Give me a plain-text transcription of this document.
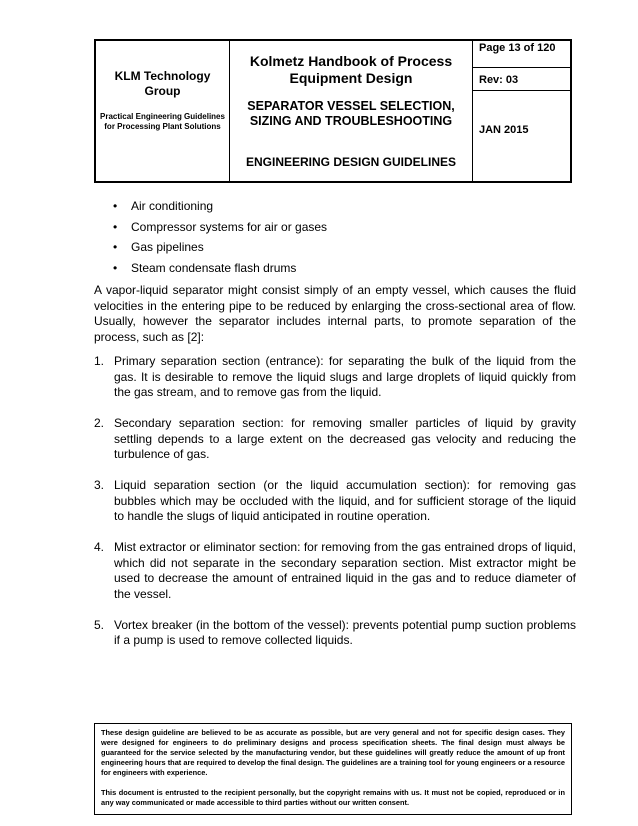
KLM Technology Group
Practical Engineering Guidelines for Processing Plant Solutions
Kolmetz Handbook of Process Equipment Design
SEPARATOR VESSEL SELECTION, SIZING AND TROUBLESHOOTING
ENGINEERING DESIGN GUIDELINES
Page 13 of 120
Rev: 03
JAN 2015
• Air conditioning
• Compressor systems for air or gases
• Gas pipelines
• Steam condensate flash drums

A vapor-liquid separator might consist simply of an empty vessel, which causes the fluid velocities in the entering pipe to be reduced by enlarging the cross-sectional area of flow. Usually, however the separator includes internal parts, to promote separation of the process, such as [2]:

1. Primary separation section (entrance): for separating the bulk of the liquid from the gas. It is desirable to remove the liquid slugs and large droplets of liquid quickly from the gas stream, and to remove gas from the liquid.
2. Secondary separation section: for removing smaller particles of liquid by gravity settling depends to a large extent on the decreased gas velocity and reducing the turbulence of gas.
3. Liquid separation section (or the liquid accumulation section): for removing gas bubbles which may be occluded with the liquid, and for sufficient storage of the liquid to handle the slugs of liquid anticipated in routine operation.
4. Mist extractor or eliminator section: for removing from the gas entrained drops of liquid, which did not separate in the secondary separation section. Mist extractor might be used to decrease the amount of entrained liquid in the gas and to reduce diameter of the vessel.
5. Vortex breaker (in the bottom of the vessel): prevents potential pump suction problems if a pump is used to remove collected liquids.

These design guideline are believed to be as accurate as possible, but are very general and not for specific design cases. They were designed for engineers to do preliminary designs and process specification sheets. The final design must always be guaranteed for the service selected by the manufacturing vendor, but these guidelines will greatly reduce the amount of up front engineering hours that are required to develop the final design. The guidelines are a training tool for young engineers or a resource for engineers with experience.

This document is entrusted to the recipient personally, but the copyright remains with us. It must not be copied, reproduced or in any way communicated or made accessible to third parties without our written consent.
